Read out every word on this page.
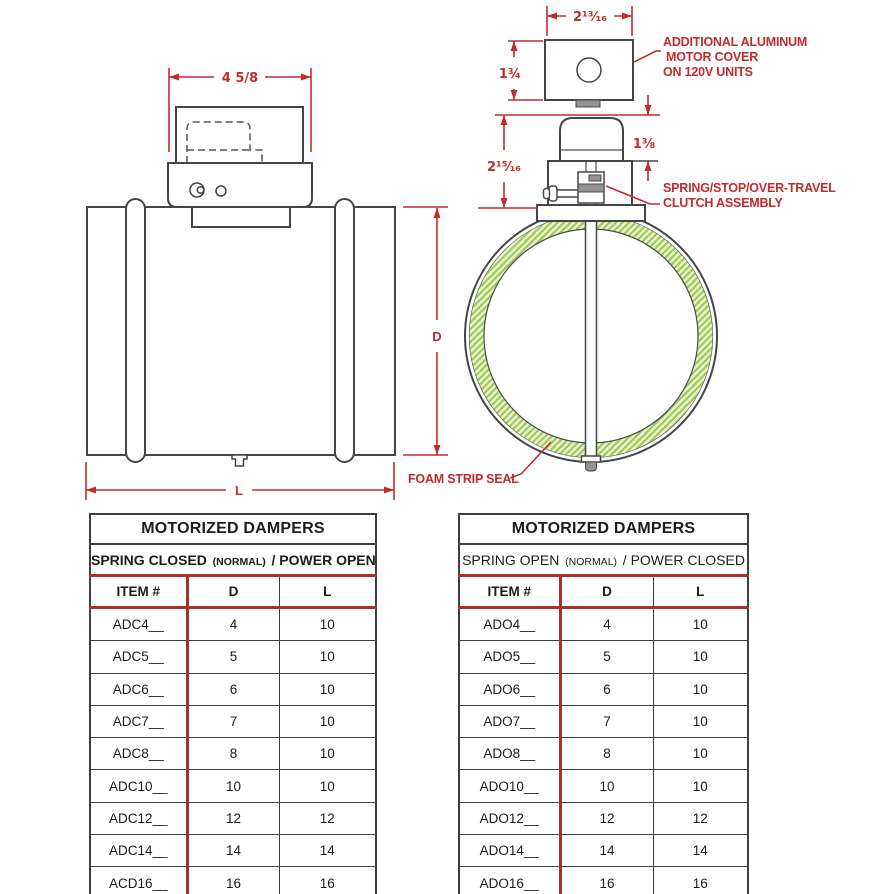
4 5/8
D
L
2¹³⁄₁₆
1¾
2¹⁵⁄₁₆
1⅜
ADDITIONAL ALUMINUM
MOTOR COVER
ON 120V UNITS
SPRING/STOP/OVER-TRAVEL
CLUTCH ASSEMBLY
FOAM STRIP SEAL
MOTORIZED DAMPERS		
SPRING CLOSED (NORMAL) / POWER OPEN		
ITEM #	D	L
ADC4__	4	10
ADC5__	5	10
ADC6__	6	10
ADC7__	7	10
ADC8__	8	10
ADC10__	10	10
ADC12__	12	12
ADC14__	14	14
ACD16__	16	16
MOTORIZED DAMPERS		
SPRING OPEN (NORMAL) / POWER CLOSED		
ITEM #	D	L
ADO4__	4	10
ADO5__	5	10
ADO6__	6	10
ADO7__	7	10
ADO8__	8	10
ADO10__	10	10
ADO12__	12	12
ADO14__	14	14
ADO16__	16	16
